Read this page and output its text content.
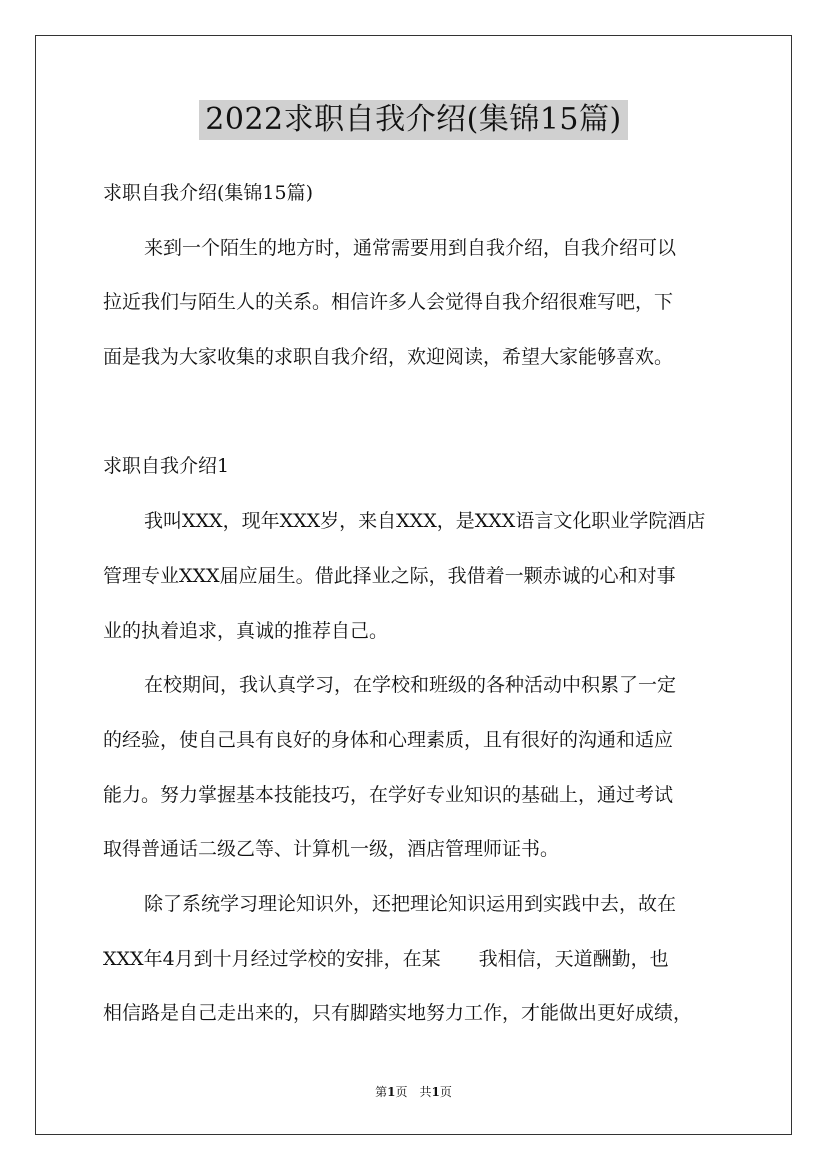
2022求职自我介绍(集锦15篇)
求职自我介绍(集锦15篇)
来到一个陌生的地方时，通常需要用到自我介绍，自我介绍可以
拉近我们与陌生人的关系。相信许多人会觉得自我介绍很难写吧，下
面是我为大家收集的求职自我介绍，欢迎阅读，希望大家能够喜欢。
求职自我介绍1
我叫XXX，现年XXX岁，来自XXX，是XXX语言文化职业学院酒店
管理专业XXX届应届生。借此择业之际，我借着一颗赤诚的心和对事
业的执着追求，真诚的推荐自己。
在校期间，我认真学习，在学校和班级的各种活动中积累了一定
的经验，使自己具有良好的身体和心理素质，且有很好的沟通和适应
能力。努力掌握基本技能技巧，在学好专业知识的基础上，通过考试
取得普通话二级乙等、计算机一级，酒店管理师证书。
除了系统学习理论知识外，还把理论知识运用到实践中去，故在
XXX年4月到十月经过学校的安排，在某　　我相信，天道酬勤，也
相信路是自己走出来的，只有脚踏实地努力工作，才能做出更好成绩，
第1页　共1页
